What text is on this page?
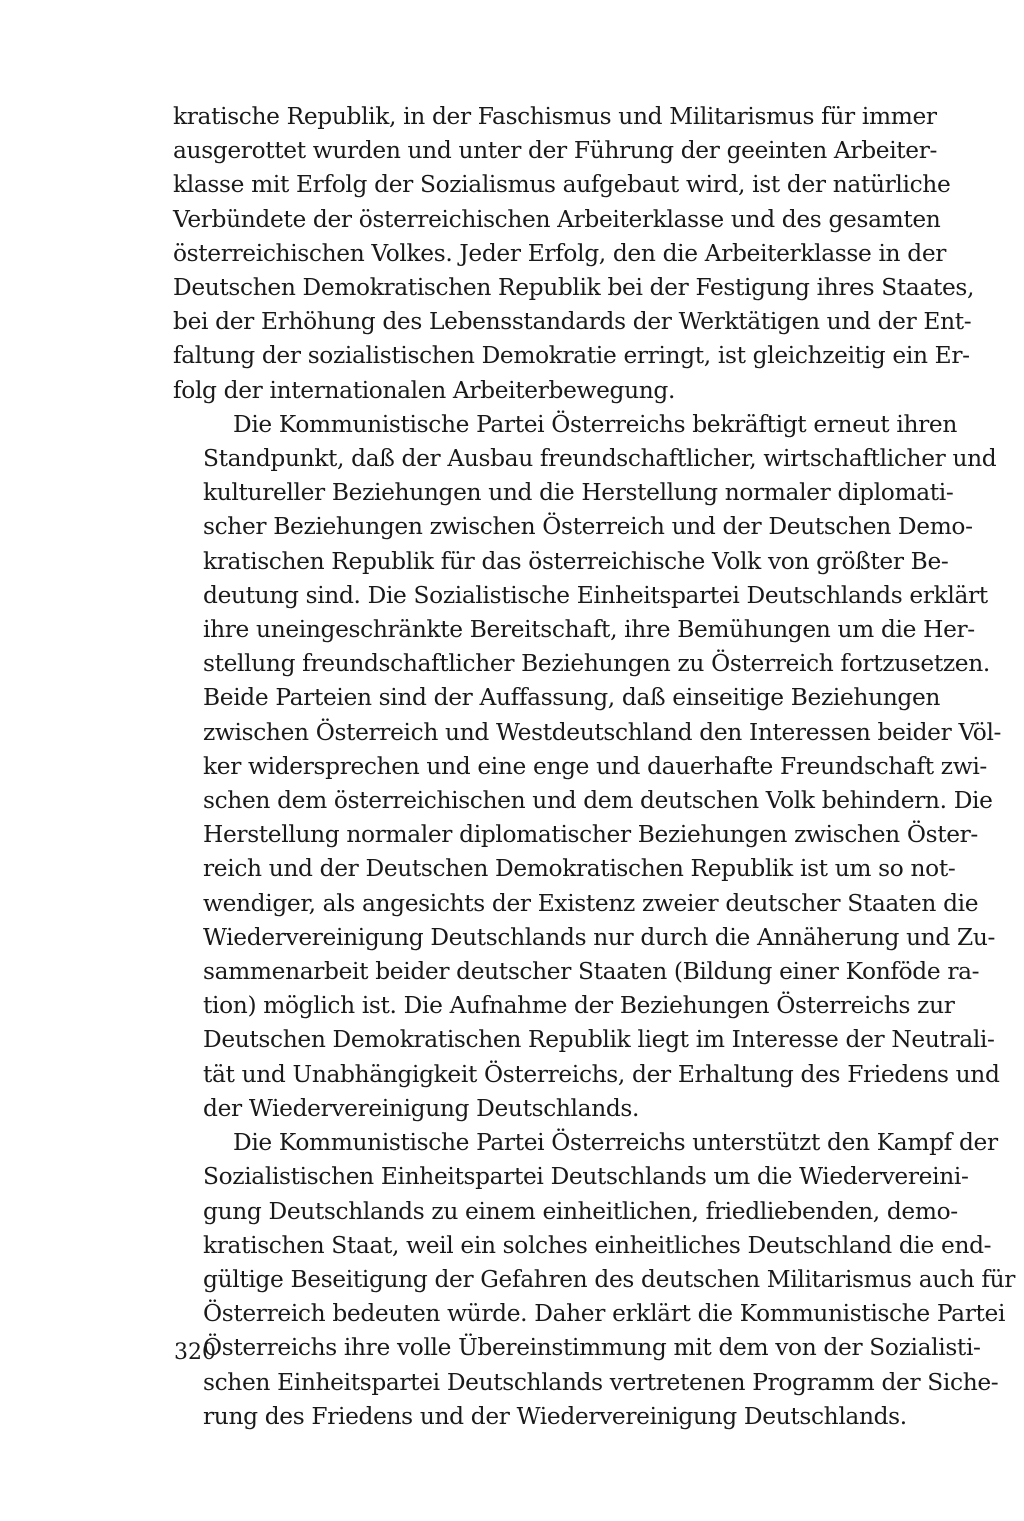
kratische Republik, in der Faschismus und Militarismus für immer
ausgerottet wurden und unter der Führung der geeinten Arbeiter-
klasse mit Erfolg der Sozialismus aufgebaut wird, ist der natürliche
Verbündete der österreichischen Arbeiterklasse und des gesamten
österreichischen Volkes. Jeder Erfolg, den die Arbeiterklasse in der
Deutschen Demokratischen Republik bei der Festigung ihres Staates,
bei der Erhöhung des Lebensstandards der Werktätigen und der Ent-
faltung der sozialistischen Demokratie erringt, ist gleichzeitig ein Er-
folg der internationalen Arbeiterbewegung.

Die Kommunistische Partei Österreichs bekräftigt erneut ihren
Standpunkt, daß der Ausbau freundschaftlicher, wirtschaftlicher und
kultureller Beziehungen und die Herstellung normaler diplomati-
scher Beziehungen zwischen Österreich und der Deutschen Demo-
kratischen Republik für das österreichische Volk von größter Be-
deutung sind. Die Sozialistische Einheitspartei Deutschlands erklärt
ihre uneingeschränkte Bereitschaft, ihre Bemühungen um die Her-
stellung freundschaftlicher Beziehungen zu Österreich fortzusetzen.
Beide Parteien sind der Auffassung, daß einseitige Beziehungen
zwischen Österreich und Westdeutschland den Interessen beider Völ-
ker widersprechen und eine enge und dauerhafte Freundschaft zwi-
schen dem österreichischen und dem deutschen Volk behindern. Die
Herstellung normaler diplomatischer Beziehungen zwischen Öster-
reich und der Deutschen Demokratischen Republik ist um so not-
wendiger, als angesichts der Existenz zweier deutscher Staaten die
Wiedervereinigung Deutschlands nur durch die Annäherung und Zu-
sammenarbeit beider deutscher Staaten (Bildung einer Konföde ra-
tion) möglich ist. Die Aufnahme der Beziehungen Österreichs zur
Deutschen Demokratischen Republik liegt im Interesse der Neutrali-
tät und Unabhängigkeit Österreichs, der Erhaltung des Friedens und
der Wiedervereinigung Deutschlands.

Die Kommunistische Partei Österreichs unterstützt den Kampf der
Sozialistischen Einheitspartei Deutschlands um die Wiedervereini-
gung Deutschlands zu einem einheitlichen, friedliebenden, demo-
kratischen Staat, weil ein solches einheitliches Deutschland die end-
gültige Beseitigung der Gefahren des deutschen Militarismus auch für
Österreich bedeuten würde. Daher erklärt die Kommunistische Partei
Österreichs ihre volle Übereinstimmung mit dem von der Sozialisti-
schen Einheitspartei Deutschlands vertretenen Programm der Siche-
rung des Friedens und der Wiedervereinigung Deutschlands.

320
